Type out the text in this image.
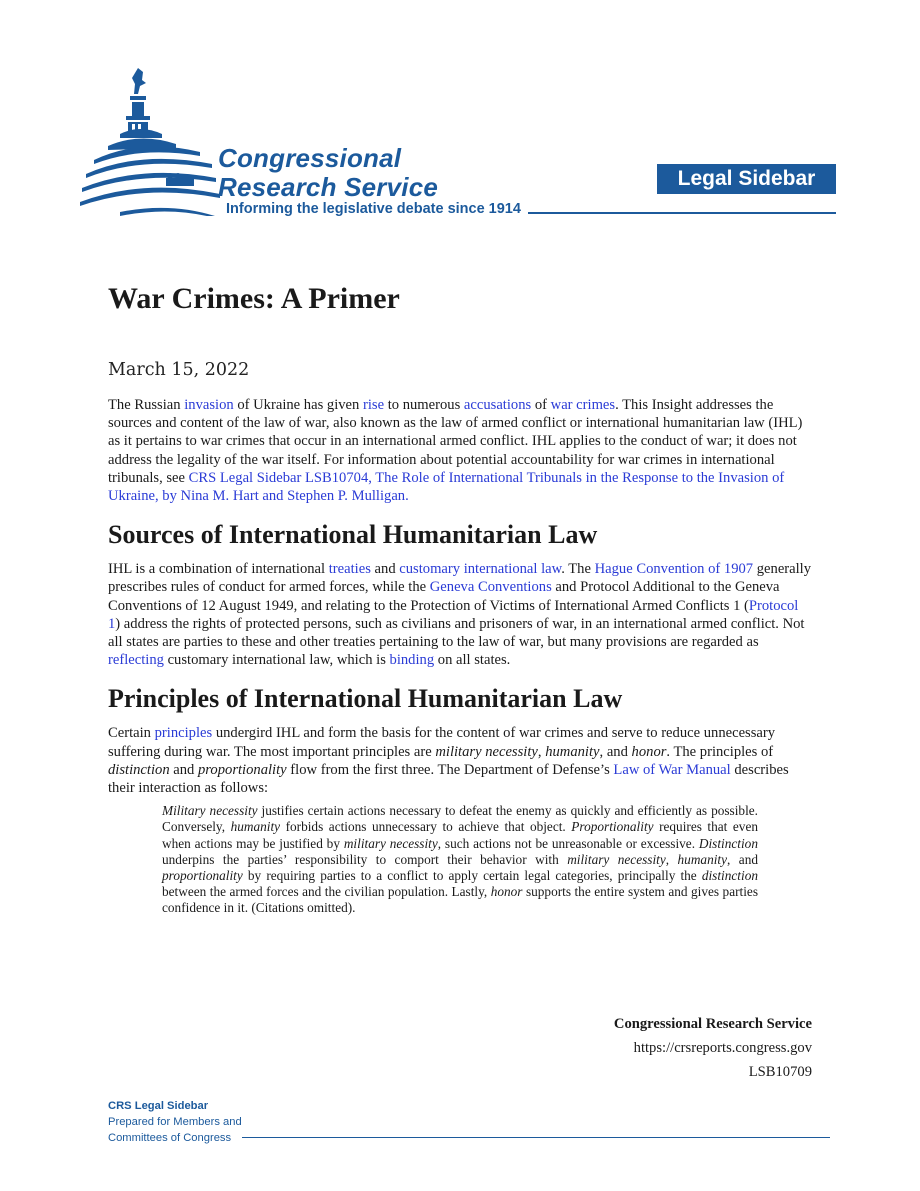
Congressional
Research Service
Informing the legislative debate since 1914
Legal Sidebar
War Crimes: A Primer
March 15, 2022

The Russian invasion of Ukraine has given rise to numerous accusations of war crimes. This Insight addresses the sources and content of the law of war, also known as the law of armed conflict or international humanitarian law (IHL) as it pertains to war crimes that occur in an international armed conflict. IHL applies to the conduct of war; it does not address the legality of the war itself. For information about potential accountability for war crimes in international tribunals, see CRS Legal Sidebar LSB10704, The Role of International Tribunals in the Response to the Invasion of Ukraine, by Nina M. Hart and Stephen P. Mulligan.

Sources of International Humanitarian Law

IHL is a combination of international treaties and customary international law. The Hague Convention of 1907 generally prescribes rules of conduct for armed forces, while the Geneva Conventions and Protocol Additional to the Geneva Conventions of 12 August 1949, and relating to the Protection of Victims of International Armed Conflicts 1 (Protocol 1) address the rights of protected persons, such as civilians and prisoners of war, in an international armed conflict. Not all states are parties to these and other treaties pertaining to the law of war, but many provisions are regarded as reflecting customary international law, which is binding on all states.

Principles of International Humanitarian Law

Certain principles undergird IHL and form the basis for the content of war crimes and serve to reduce unnecessary suffering during war. The most important principles are military necessity, humanity, and honor. The principles of distinction and proportionality flow from the first three. The Department of Defense’s Law of War Manual describes their interaction as follows:

Military necessity justifies certain actions necessary to defeat the enemy as quickly and efficiently as possible. Conversely, humanity forbids actions unnecessary to achieve that object. Proportionality requires that even when actions may be justified by military necessity, such actions not be unreasonable or excessive. Distinction underpins the parties’ responsibility to comport their behavior with military necessity, humanity, and proportionality by requiring parties to a conflict to apply certain legal categories, principally the distinction between the armed forces and the civilian population. Lastly, honor supports the entire system and gives parties confidence in it. (Citations omitted).

Congressional Research Service
https://crsreports.congress.gov
LSB10709
CRS Legal Sidebar
Prepared for Members and
Committees of Congress
